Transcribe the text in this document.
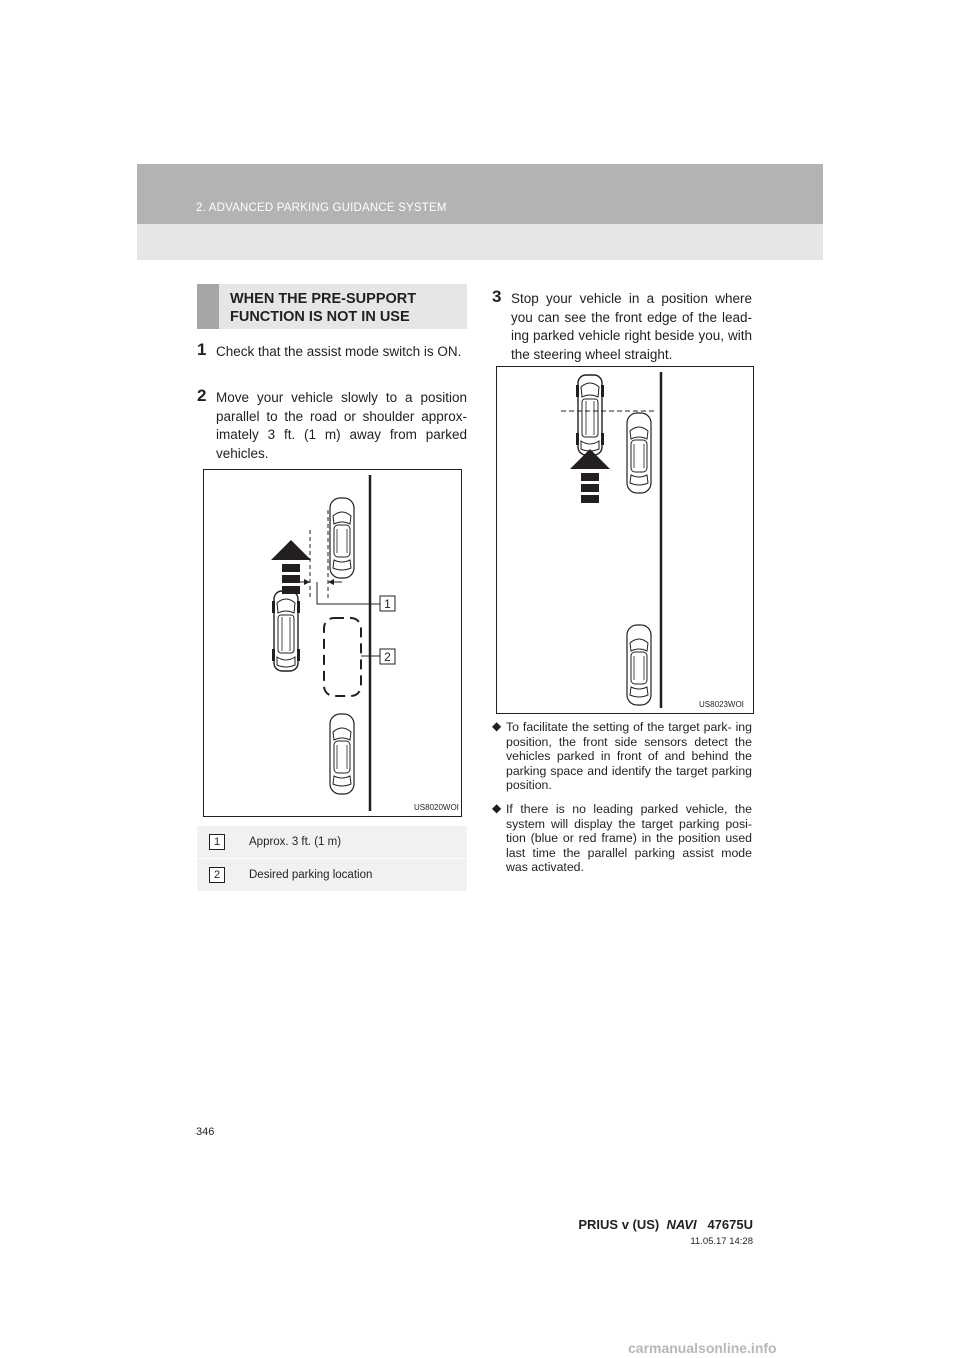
2. ADVANCED PARKING GUIDANCE SYSTEM
WHEN THE PRE-SUPPORT
FUNCTION IS NOT IN USE
1 Check that the assist mode switch is ON.
2 Move your vehicle slowly to a position parallel to the road or shoulder approx- imately 3 ft. (1 m) away from parked vehicles.
3 Stop your vehicle in a position where you can see the front edge of the lead- ing parked vehicle right beside you, with the steering wheel straight.
1
2
US8020WOI
US8023WOI
1	Approx. 3 ft. (1 m)
2	Desired parking location
◆ To facilitate the setting of the target park- ing position, the front side sensors detect the vehicles parked in front of and behind the parking space and identify the target parking position.
◆ If there is no leading parked vehicle, the system will display the target parking posi- tion (blue or red frame) in the position used last time the parallel parking assist mode was activated.
346
PRIUS v (US) NAVI 47675U
11.05.17 14:28
carmanualsonline.info
